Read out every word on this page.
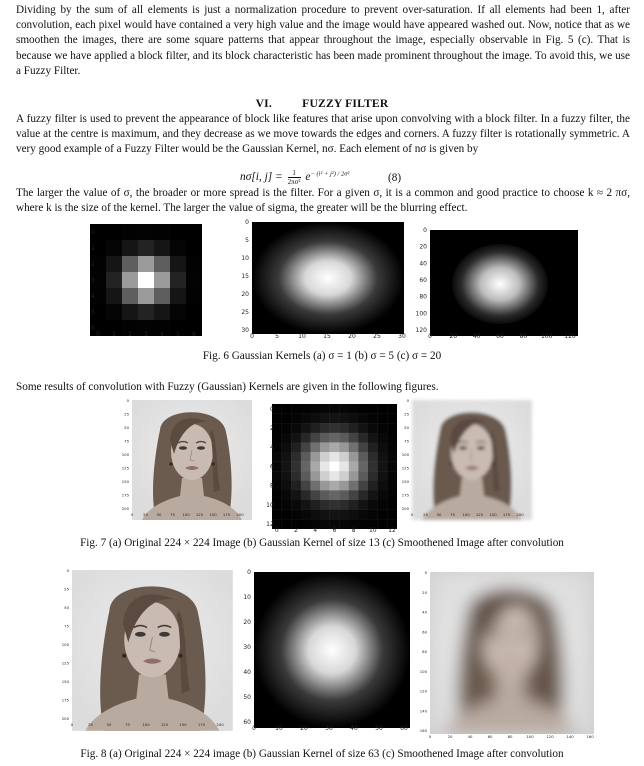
Dividing by the sum of all elements is just a normalization procedure to prevent over-saturation. If all elements had been 1, after convolution, each pixel would have contained a very high value and the image would have appeared washed out. Now, notice that as we smoothen the images, there are some square patterns that appear throughout the image, especially observable in Fig. 5 (c). That is because we have applied a block filter, and its block characteristic has been made prominent throughout the image. To avoid this, we use a Fuzzy Filter.

VI.	FUZZY FILTER

A fuzzy filter is used to prevent the appearance of block like features that arise upon convolving with a block filter. In a fuzzy filter, the value at the centre is maximum, and they decrease as we move towards the edges and corners. A fuzzy filter is rotationally symmetric. A very good example of a Fuzzy Filter would be the Gaussian Kernel, nσ. Each element of nσ is given by

nσ[i, $j] = \frac{1}{\text{2πσ²}} e^{- (i^2 + j^2) / 2\sigma^2}$	(8)

The larger the value of σ, the broader or more spread is the filter. For a given σ, it is a common and good practice to choose k ≈ 2 πσ, where k is the size of the kernel. The larger the value of sigma, the greater will be the blurring effect.

0 1 2 3 4 5 6
0
1
2
3
4
5
6
0	5	10	15	20	25	30
0
5
10
15
20
25
30
0	20	40	60	80 100 120
0
20
40
60
80
100
120
Fig. 6 Gaussian Kernels (a) σ = 1 (b) σ = 5 (c) σ = 20

Some results of convolution with Fuzzy (Gaussian) Kernels are given in the following figures.

0	25 50 75 100 125 150 175 200
0
25
50
75
100
125
150
175
200
0	2	4	6	8 10 12
0
2
4
6
8
10
12
0	25 50 75 100 125 150 175 200
0
25
50
75
100
125
150
175
200
Fig. 7 (a) Original 224 × 224 Image (b) Gaussian Kernel of size 13 (c) Smoothened Image after convolution
0	25	50	75	100	125	150	175	200
0
25
50
75
100
125
150
175
200
0	10	20	30	40	50	60
0
10
20
30
40
50
60
0	20	40	60	80	100	120	140	160
0
20
40
60
80
100
120
140
160
Fig. 8 (a) Original 224 × 224 image (b) Gaussian Kernel of size 63 (c) Smoothened Image after convolution
